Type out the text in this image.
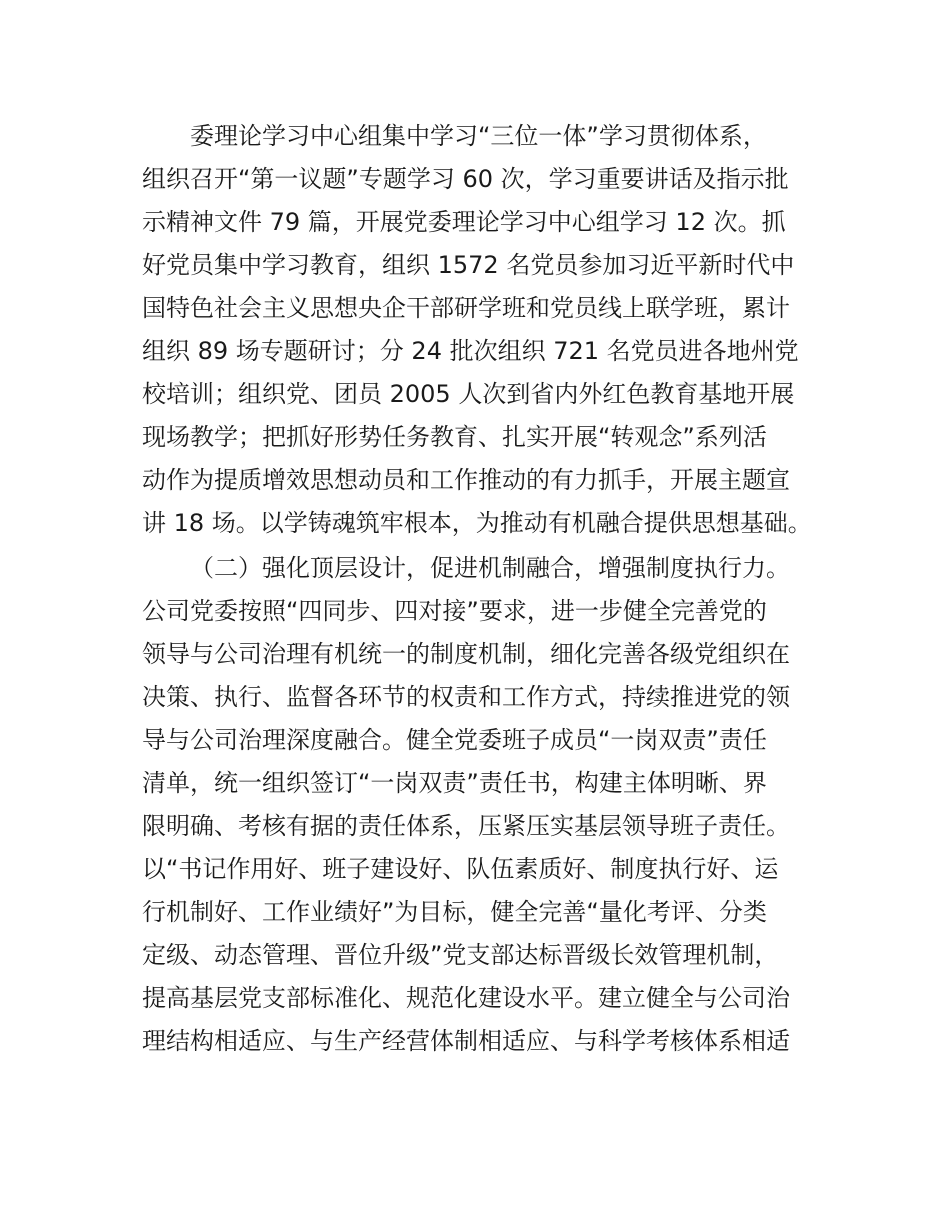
委理论学习中心组集中学习“三位一体”学习贯彻体系，
组织召开“第一议题”专题学习 60 次，学习重要讲话及指示批
示精神文件 79 篇，开展党委理论学习中心组学习 12 次。抓
好党员集中学习教育，组织 1572 名党员参加习近平新时代中
国特色社会主义思想央企干部研学班和党员线上联学班，累计
组织 89 场专题研讨；分 24 批次组织 721 名党员进各地州党
校培训；组织党、团员 2005 人次到省内外红色教育基地开展
现场教学；把抓好形势任务教育、扎实开展“转观念”系列活
动作为提质增效思想动员和工作推动的有力抓手，开展主题宣
讲 18 场。以学铸魂筑牢根本，为推动有机融合提供思想基础。
（二）强化顶层设计，促进机制融合，增强制度执行力。
公司党委按照“四同步、四对接”要求，进一步健全完善党的
领导与公司治理有机统一的制度机制，细化完善各级党组织在
决策、执行、监督各环节的权责和工作方式，持续推进党的领
导与公司治理深度融合。健全党委班子成员“一岗双责”责任
清单，统一组织签订“一岗双责”责任书，构建主体明晰、界
限明确、考核有据的责任体系，压紧压实基层领导班子责任。
以“书记作用好、班子建设好、队伍素质好、制度执行好、运
行机制好、工作业绩好”为目标，健全完善“量化考评、分类
定级、动态管理、晋位升级”党支部达标晋级长效管理机制，
提高基层党支部标准化、规范化建设水平。建立健全与公司治
理结构相适应、与生产经营体制相适应、与科学考核体系相适
